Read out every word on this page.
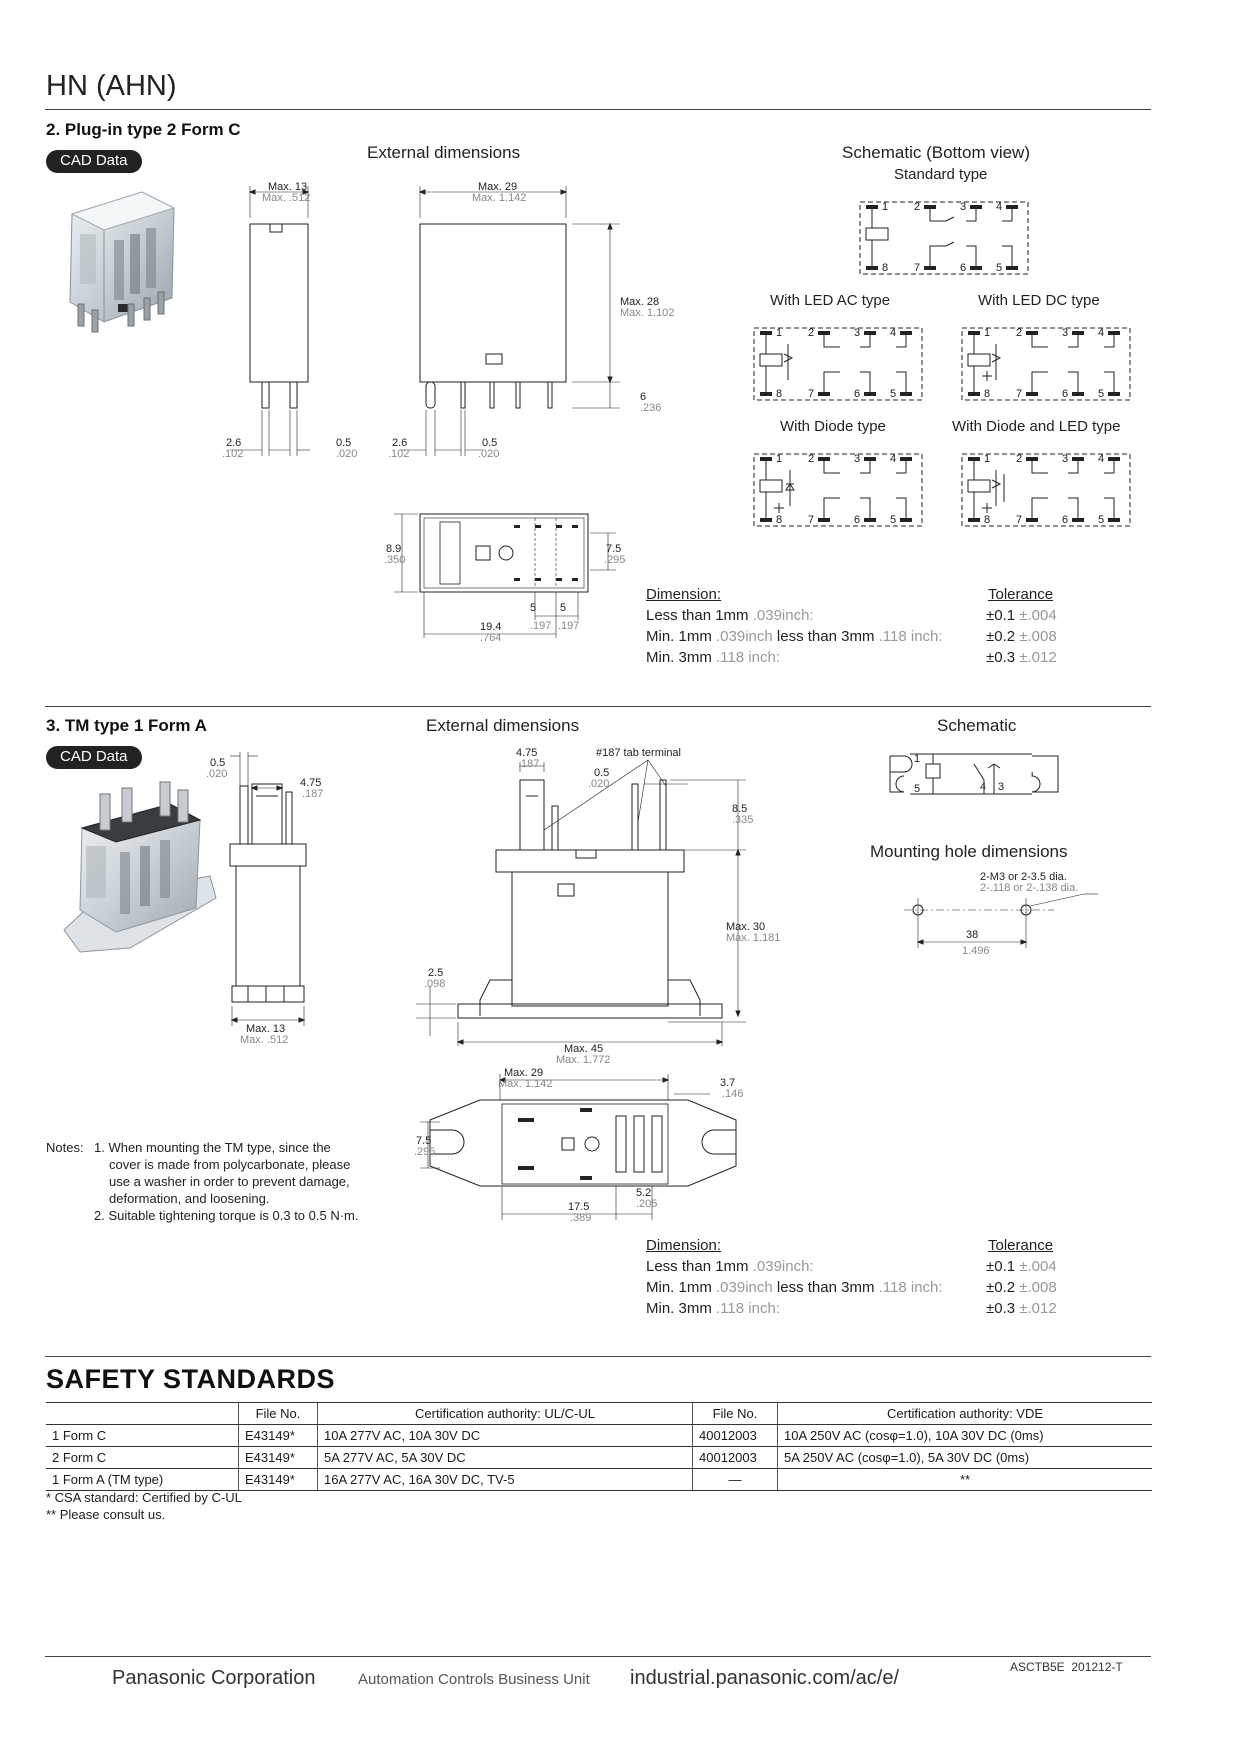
HN (AHN)
2. Plug-in type 2 Form C
CAD Data	External dimensions	Schematic (Bottom view)
Standard type
Max. 13
Max. .512
Max. 29
Max. 1.142
Max. 28
Max. 1.102
6
.236
2.6
.102
0.5
.020
2.6
.102
0.5
.020
8.9
.350
7.5
.295
5
.197
5
.197
19.4
.764
1 2	3	4
8 7	6	5
With LED AC type	With LED DC type
1 2	3	4
8 7	6	5
1 2	3	4
8 7	6	5
With Diode type	With Diode and LED type
1 2	3	4
8 7	6	5
1 2	3	4
8 7	6	5
Dimension:	Tolerance
Less than 1mm .039inch:	±0.1 ±.004
Min. 1mm .039inch less than 3mm .118 inch:	±0.2 ±.008
Min. 3mm .118 inch:	±0.3 ±.012
3. TM type 1 Form A
CAD Data
External dimensions	Schematic
Mounting hole dimensions
0.5
.020
4.75
.187
Max. 13
Max. .512
4.75
.187
#187 tab terminal
0.5
.020
8.5
.335
Max. 30
Max. 1.181
2.5
.098
Max. 45
Max. 1.772
Max. 29
Max. 1.142	3.7
.146
7.5
.295
17.5
.389
5.2
.205
1
5	4 3
2-M3 or 2-3.5 dia.
2-.118 or 2-.138 dia.
38
1.496
Notes: 1. When mounting the TM type, since the
cover is made from polycarbonate, please
use a washer in order to prevent damage,
deformation, and loosening.
2. Suitable tightening torque is 0.3 to 0.5 N·m.
Dimension:	Tolerance
Less than 1mm .039inch:	±0.1 ±.004
Min. 1mm .039inch less than 3mm .118 inch:	±0.2 ±.008
Min. 3mm .118 inch:	±0.3 ±.012
SAFETY STANDARDS
	File No.	Certification authority: UL/C-UL	File No.	Certification authority: VDE
1 Form C	E43149*	10A 277V AC, 10A 30V DC	40012003	10A 250V AC (cosφ=1.0), 10A 30V DC (0ms)
2 Form C	E43149*	5A 277V AC, 5A 30V DC	40012003	5A 250V AC (cosφ=1.0), 5A 30V DC (0ms)
1 Form A (TM type)	E43149*	16A 277V AC, 16A 30V DC, TV-5	—	**
* CSA standard: Certified by C-UL
** Please consult us.
Panasonic Corporation	Automation Controls Business Unit industrial.panasonic.com/ac/e/	ASCTB5E  201212-T
